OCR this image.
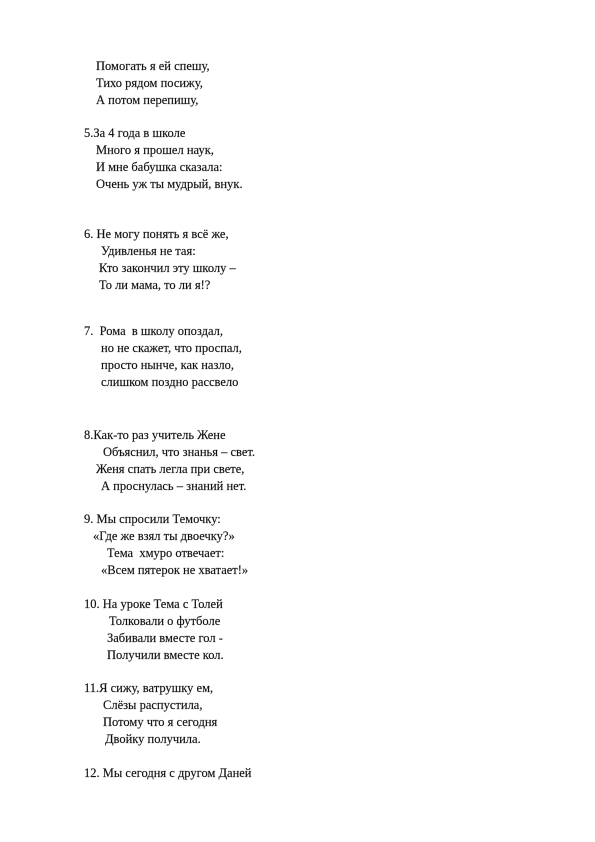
Помогать я ей спешу,
Тихо рядом посижу,
А потом перепишу,
5.За 4 года в школе
Много я прошел наук,
И мне бабушка сказала:
Очень уж ты мудрый, внук.
6. Не могу понять я всё же,
Удивленья не тая:
Кто закончил эту школу –
То ли мама, то ли я!?
7.  Рома  в школу опоздал,
но не скажет, что проспал,
просто нынче, как назло,
слишком поздно рассвело
8.Как-то раз учитель Жене
Объяснил, что знанья – свет.
Женя спать легла при свете,
А проснулась – знаний нет.
9. Мы спросили Темочку:
«Где же взял ты двоечку?»
Тема  хмуро отвечает:
«Всем пятерок не хватает!»
10. На уроке Тема с Толей
Толковали о футболе
Забивали вместе гол -
Получили вместе кол.
11.Я сижу, ватрушку ем,
Слёзы распустила,
Потому что я сегодня
Двойку получила.
12. Мы сегодня с другом Даней
